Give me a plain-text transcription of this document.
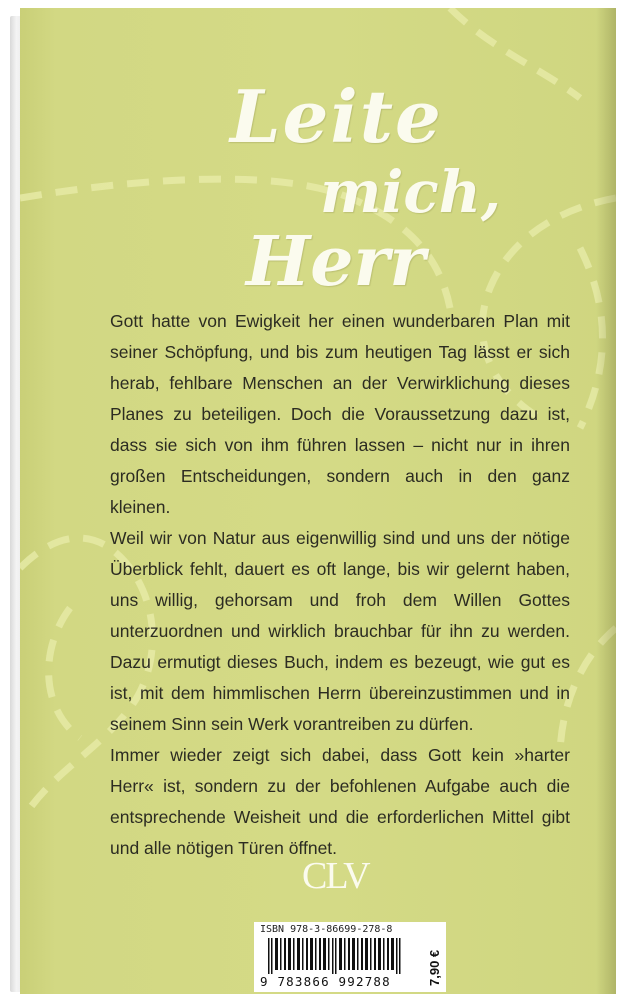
Leite
mich,
Herr

Gott hatte von Ewigkeit her einen wunderbaren Plan mit seiner Schöpfung, und bis zum heutigen Tag lässt er sich herab, fehlbare Menschen an der Verwirklichung dieses Planes zu beteiligen. Doch die Voraussetzung dazu ist, dass sie sich von ihm führen lassen – nicht nur in ihren großen Entscheidungen, sondern auch in den ganz kleinen.

Weil wir von Natur aus eigenwillig sind und uns der nötige Überblick fehlt, dauert es oft lange, bis wir gelernt haben, uns willig, gehorsam und froh dem Willen Gottes unterzuordnen und wirklich brauchbar für ihn zu werden. Dazu ermutigt dieses Buch, indem es bezeugt, wie gut es ist, mit dem himmlischen Herrn übereinzustimmen und in seinem Sinn sein Werk vorantreiben zu dürfen.

Immer wieder zeigt sich dabei, dass Gott kein »harter Herr« ist, sondern zu der befohlenen Aufgabe auch die entsprechende Weisheit und die erforderlichen Mittel gibt und alle nötigen Türen öffnet.

CLV
ISBN 978-3-86699-278-8
9 783866 992788	7,90 €
